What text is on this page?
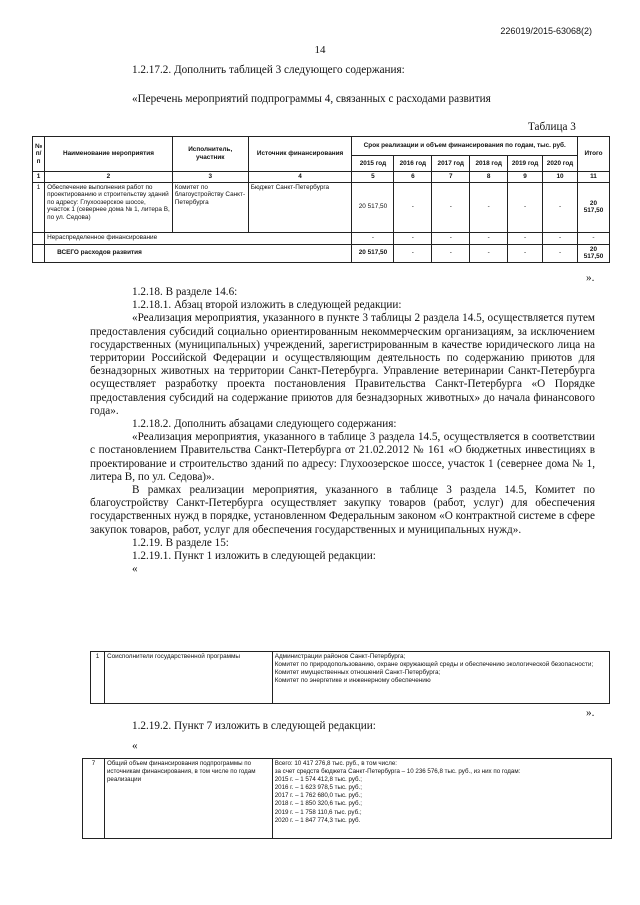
226019/2015-63068(2)
14
1.2.17.2. Дополнить таблицей 3 следующего содержания:
«Перечень мероприятий подпрограммы 4, связанных с расходами развития
Таблица 3
№ п/п	Наименование мероприятия	Исполнитель, участник	Источник финансирования	Срок реализации и объем финансирования по годам, тыс. руб.						Итого
				2015 год	2016 год	2017 год	2018 год	2019 год	2020 год	
1	2	3	4	5	6	7	8	9	10	11
1	Обеспечение выполнения работ по проектированию и строительству зданий по адресу: Глухоозерское шоссе, участок 1 (севернее дома № 1, литера В, по ул. Седова)	Комитет по благоустройству Санкт-Петербурга	Бюджет Санкт-Петербурга	20 517,50	-	-	-	-	-	20 517,50
	Нераспределенное финансирование			-	-	-	-	-	-	-
	ВСЕГО расходов развития			20 517,50	-	-	-	-	-	20 517,50
».

1.2.18. В разделе 14.6:

1.2.18.1. Абзац второй изложить в следующей редакции:

«Реализация мероприятия, указанного в пункте 3 таблицы 2 раздела 14.5, осуществляется путем предоставления субсидий социально ориентированным некоммерческим организациям, за исключением государственных (муниципальных) учреждений, зарегистрированным в качестве юридического лица на территории Российской Федерации и осуществляющим деятельность по содержанию приютов для безнадзорных животных на территории Санкт-Петербурга. Управление ветеринарии Санкт-Петербурга осуществляет разработку проекта постановления Правительства Санкт-Петербурга «О Порядке предоставления субсидий на содержание приютов для безнадзорных животных» до начала финансового года».

1.2.18.2. Дополнить абзацами следующего содержания:

«Реализация мероприятия, указанного в таблице 3 раздела 14.5, осуществляется в соответствии с постановлением Правительства Санкт-Петербурга от 21.02.2012 № 161 «О бюджетных инвестициях в проектирование и строительство зданий по адресу: Глухоозерское шоссе, участок 1 (севернее дома № 1, литера В, по ул. Седова)».

В рамках реализации мероприятия, указанного в таблице 3 раздела 14.5, Комитет по благоустройству Санкт-Петербурга осуществляет закупку товаров (работ, услуг) для обеспечения государственных нужд в порядке, установленном Федеральным законом «О контрактной системе в сфере закупок товаров, работ, услуг для обеспечения государственных и муниципальных нужд».

1.2.19. В разделе 15:

1.2.19.1. Пункт 1 изложить в следующей редакции:

«

1	Соисполнители государственной программы	Администрации районов Санкт-Петербурга;
Комитет по природопользованию, охране окружающей среды и обеспечению экологической безопасности;
Комитет имущественных отношений Санкт-Петербурга;
Комитет по энергетике и инженерному обеспечению
».
1.2.19.2. Пункт 7 изложить в следующей редакции:
«
7	Общий объем финансирования подпрограммы по источникам финансирования, в том числе по годам реализации	
Всего: 10 417 276,8 тыс. руб., в том числе:
за счет средств бюджета Санкт-Петербурга – 10 236 576,8 тыс. руб., из них по годам:
2015 г. – 1 574 412,8 тыс. руб.;
2016 г. – 1 623 978,5 тыс. руб.;
2017 г. – 1 762 680,0 тыс. руб.;
2018 г. – 1 850 320,6 тыс. руб.;
2019 г. – 1 758 110,6 тыс. руб.;
2020 г. – 1 847 774,3 тыс. руб.
